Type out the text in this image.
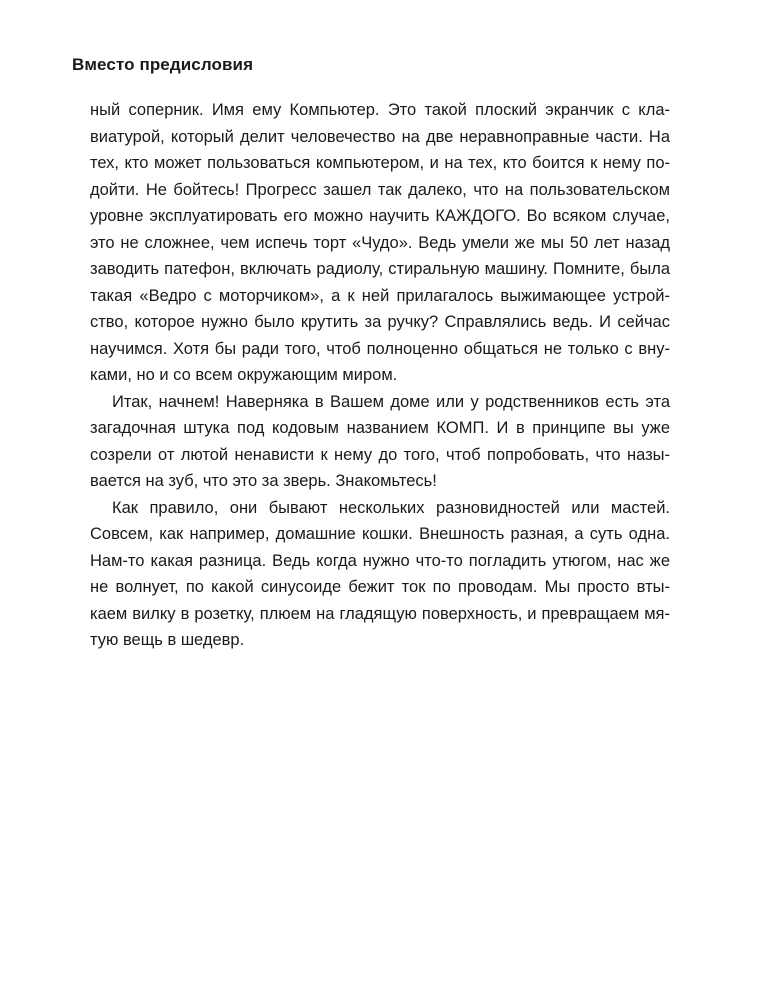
Вместо предисловия
ный соперник. Имя ему Компьютер. Это такой плоский экранчик с кла-
виатурой, который делит человечество на две неравноправные части. На
тех, кто может пользоваться компьютером, и на тех, кто боится к нему по-
дойти. Не бойтесь! Прогресс зашел так далеко, что на пользовательском
уровне эксплуатировать его можно научить КАЖДОГО. Во всяком случае,
это не сложнее, чем испечь торт «Чудо». Ведь умели же мы 50 лет назад
заводить патефон, включать радиолу, стиральную машину. Помните, была
такая «Ведро с моторчиком», а к ней прилагалось выжимающее устрой-
ство, которое нужно было крутить за ручку? Справлялись ведь. И сейчас
научимся. Хотя бы ради того, чтоб полноценно общаться не только с вну-
ками, но и со всем окружающим миром.
Итак, начнем! Наверняка в Вашем доме или у родственников есть эта
загадочная штука под кодовым названием КОМП. И в принципе вы уже
созрели от лютой ненависти к нему до того, чтоб попробовать, что назы-
вается на зуб, что это за зверь. Знакомьтесь!
Как правило, они бывают нескольких разновидностей или мастей.
Совсем, как например, домашние кошки. Внешность разная, а суть одна.
Нам-то какая разница. Ведь когда нужно что-то погладить утюгом, нас же
не волнует, по какой синусоиде бежит ток по проводам. Мы просто вты-
каем вилку в розетку, плюем на гладящую поверхность, и превращаем мя-
тую вещь в шедевр.
